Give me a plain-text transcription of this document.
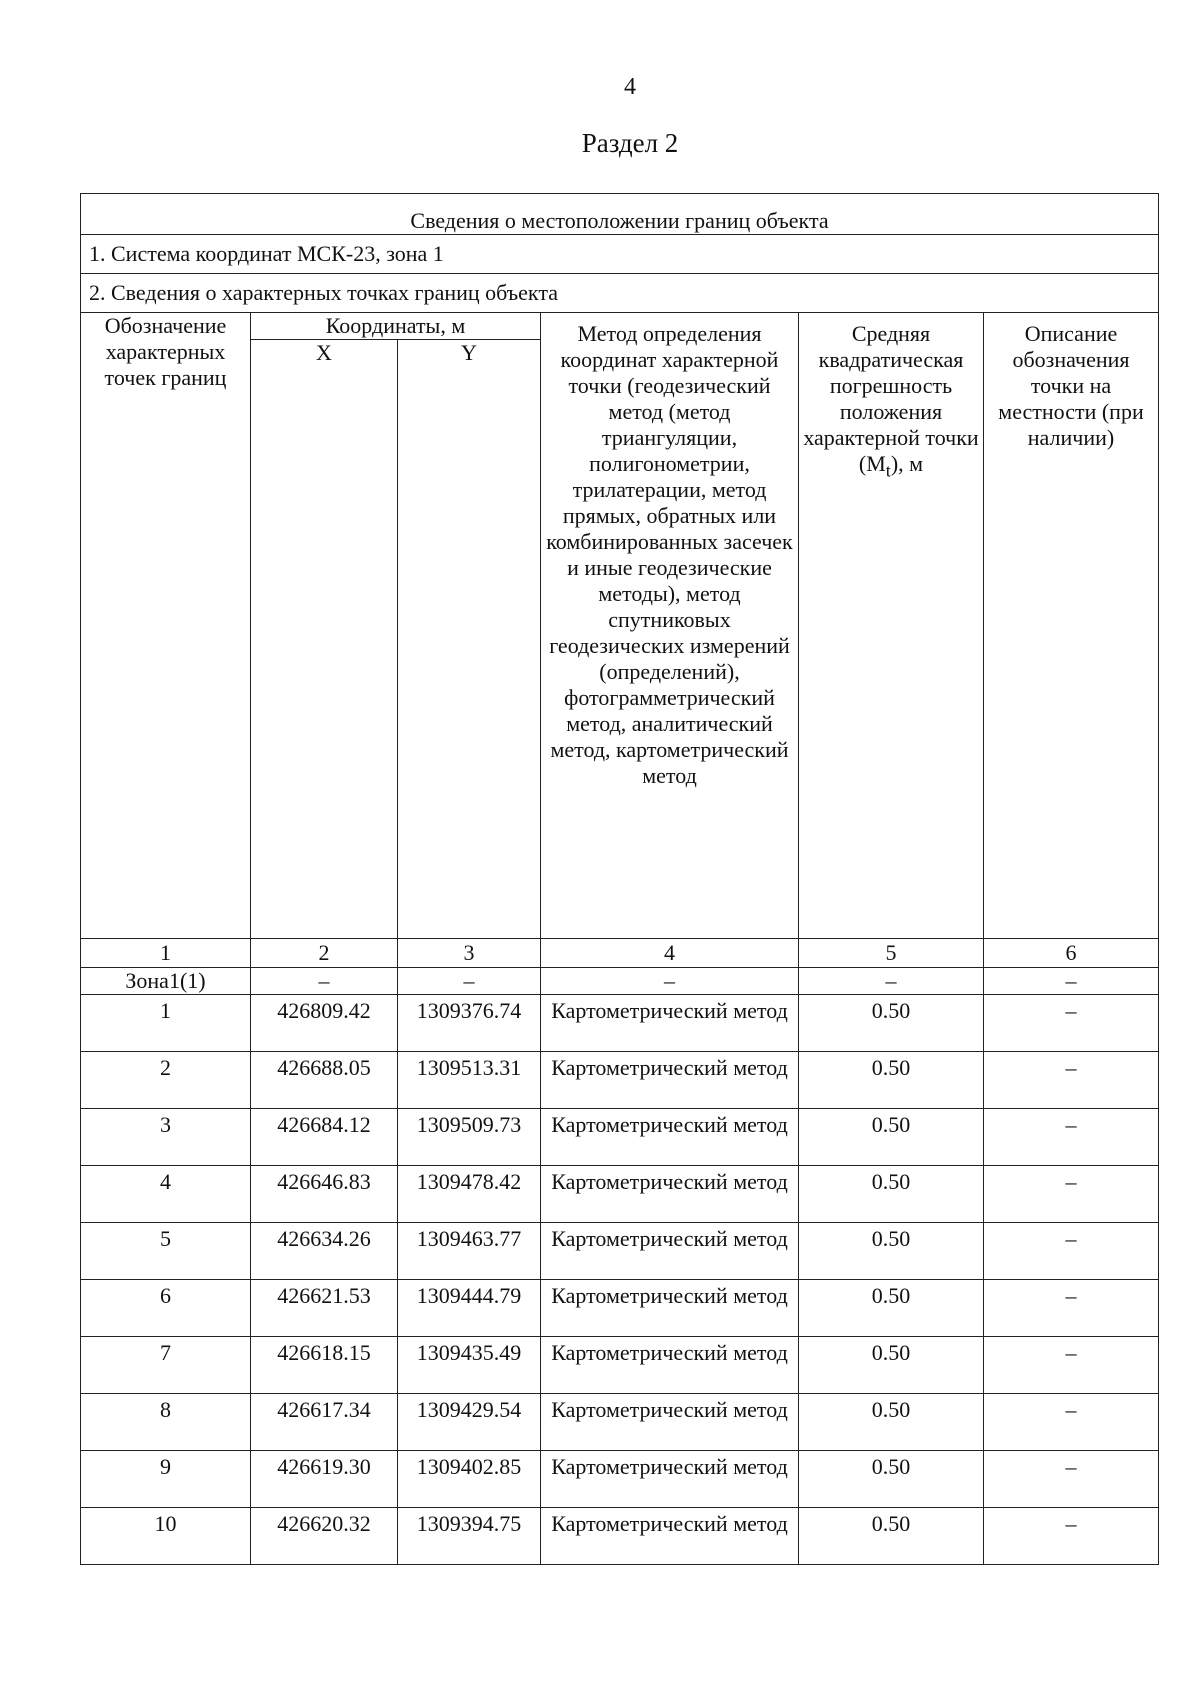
4
Раздел 2
Сведения о местоположении границ объекта					
1. Система координат МСК-23, зона 1					
2. Сведения о характерных точках границ объекта					
Обозначение характерных точек границ	Координаты, м		Метод определения координат характерной точки (геодезический метод (метод триангуляции, полигонометрии, трилатерации, метод прямых, обратных или комбинированных засечек и иные геодезические методы), метод спутниковых геодезических измерений (определений), фотограмметрический метод, аналитический метод, картометрический метод	Средняя квадратическая погрешность положения характерной точки $(M_t)$, м	Описание обозначения точки на местности (при наличии)
	X	Y			
1	2	3	4	5	6
Зона1(1)	–	–	–	–	–
1	426809.42	1309376.74	Картометрический метод	0.50	–
2	426688.05	1309513.31	Картометрический метод	0.50	–
3	426684.12	1309509.73	Картометрический метод	0.50	–
4	426646.83	1309478.42	Картометрический метод	0.50	–
5	426634.26	1309463.77	Картометрический метод	0.50	–
6	426621.53	1309444.79	Картометрический метод	0.50	–
7	426618.15	1309435.49	Картометрический метод	0.50	–
8	426617.34	1309429.54	Картометрический метод	0.50	–
9	426619.30	1309402.85	Картометрический метод	0.50	–
10	426620.32	1309394.75	Картометрический метод	0.50	–
